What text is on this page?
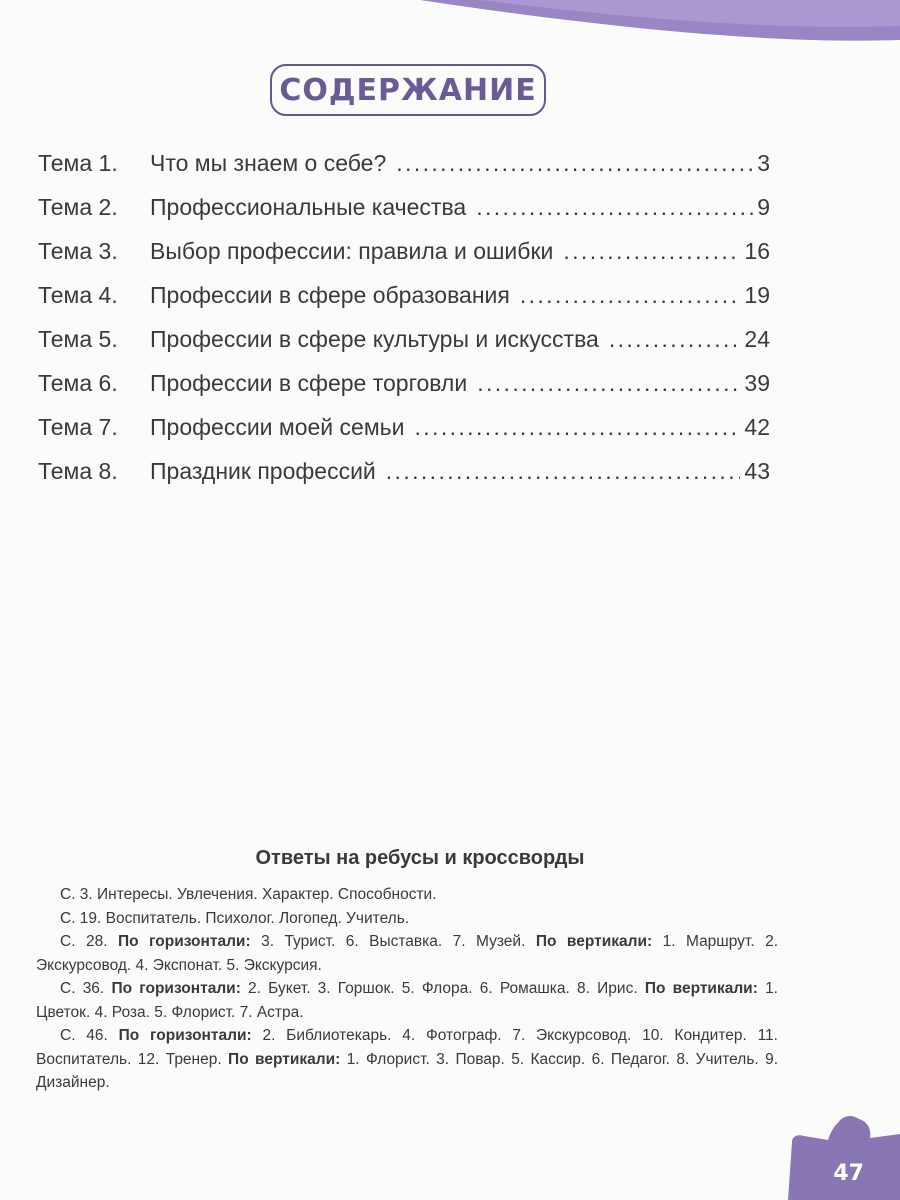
СОДЕРЖАНИЕ
Тема 1.	Что мы знаем о себе? . . .	3
Тема 2.	Профессиональные качества . . .	9
Тема 3.	Выбор профессии: правила и ошибки . . .	16
Тема 4.	Профессии в сфере образования . . .	19
Тема 5.	Профессии в сфере культуры и искусства . . .	24
Тема 6.	Профессии в сфере торговли . . .	39
Тема 7.	Профессии моей семьи . . .	42
Тема 8.	Праздник профессий . . .	43
Ответы на ребусы и кроссворды

С. 3. Интересы. Увлечения. Характер. Способности.

С. 19. Воспитатель. Психолог. Логопед. Учитель.

С. 28. По горизонтали: 3. Турист. 6. Выставка. 7. Музей. По вертикали: 1. Маршрут. 2. Экскурсовод. 4. Экспонат. 5. Экскурсия.

С. 36. По горизонтали: 2. Букет. 3. Горшок. 5. Флора. 6. Ромашка. 8. Ирис. По вертикали: 1. Цветок. 4. Роза. 5. Флорист. 7. Астра.

С. 46. По горизонтали: 2. Библиотекарь. 4. Фотограф. 7. Экскурсовод. 10. Кондитер. 11. Воспитатель. 12. Тренер. По вертикали: 1. Флорист. 3. Повар. 5. Кассир. 6. Педагог. 8. Учитель. 9. Дизайнер.

47
